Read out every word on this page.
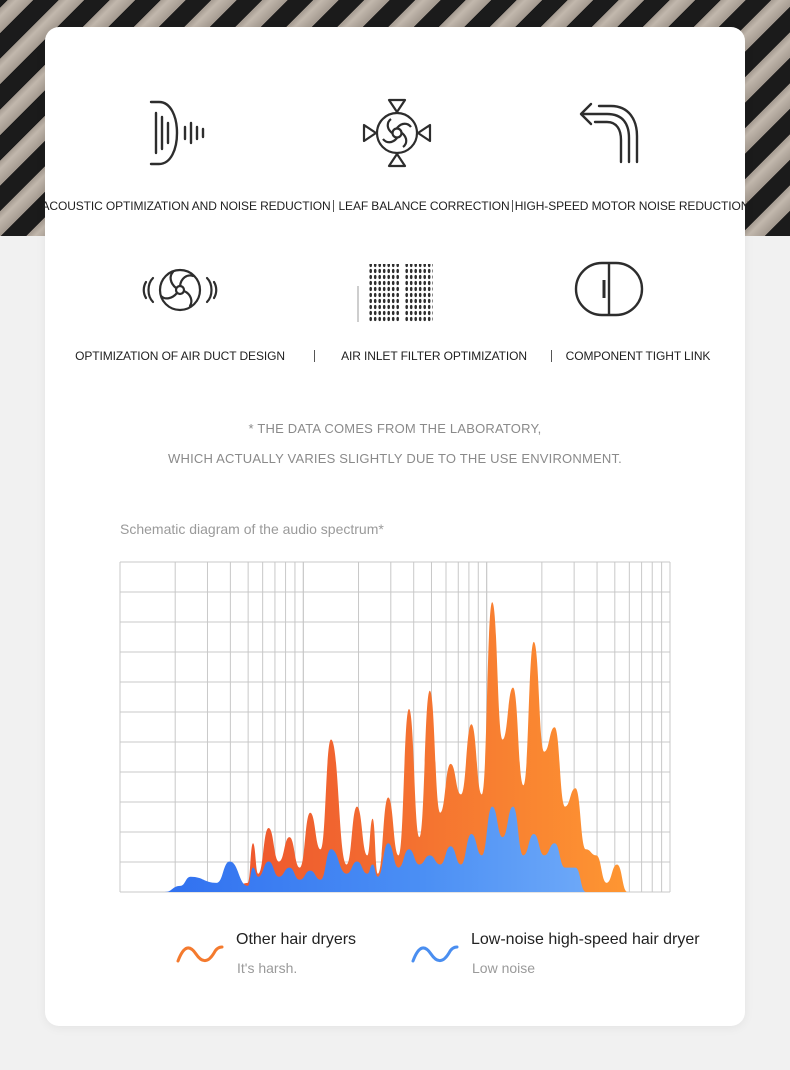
ACOUSTIC OPTIMIZATION AND NOISE REDUCTION LEAF BALANCE CORRECTION HIGH-SPEED MOTOR NOISE REDUCTION
OPTIMIZATION OF AIR DUCT DESIGN	AIR INLET FILTER OPTIMIZATION	COMPONENT TIGHT LINK
* THE DATA COMES FROM THE LABORATORY,
WHICH ACTUALLY VARIES SLIGHTLY DUE TO THE USE ENVIRONMENT.
Schematic diagram of the audio spectrum*
Other hair dryers
It's harsh.
Low-noise high-speed hair dryer
Low noise
